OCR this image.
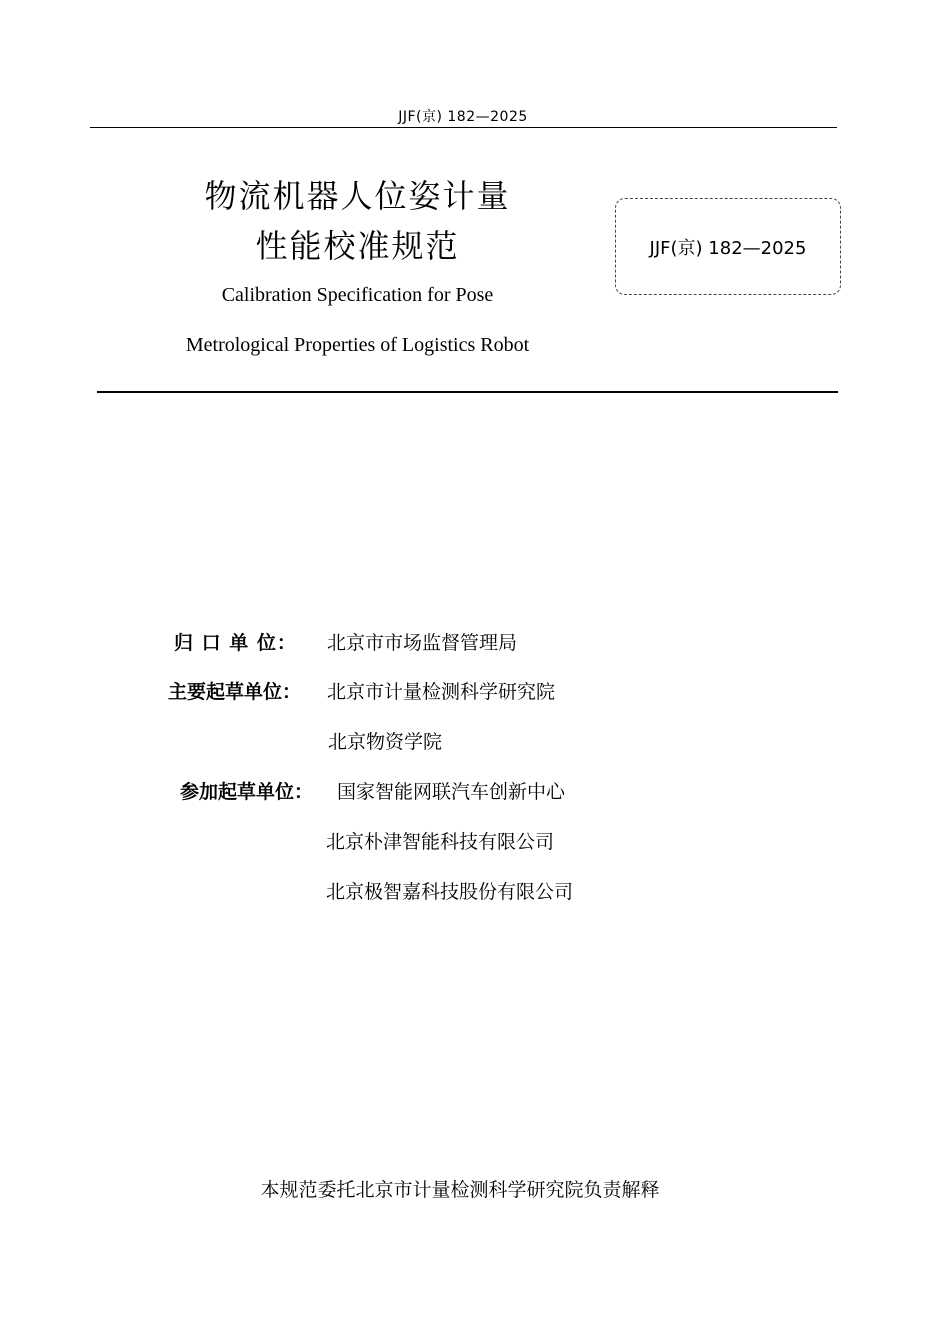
JJF(京) 182—2025
物流机器人位姿计量
性能校准规范
Calibration Specification for Pose
Metrological Properties of Logistics Robot
JJF(京) 182—2025
归 口 单 位： 北京市市场监督管理局
主要起草单位： 北京市计量检测科学研究院
北京物资学院
参加起草单位： 国家智能网联汽车创新中心
北京朴津智能科技有限公司
北京极智嘉科技股份有限公司
本规范委托北京市计量检测科学研究院负责解释
